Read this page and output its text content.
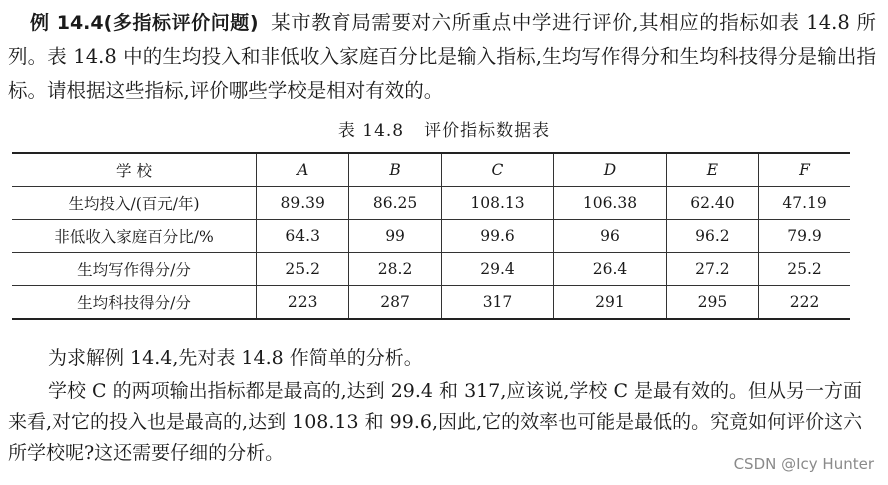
例 14.4(多指标评价问题) 某市教育局需要对六所重点中学进行评价,其相应的指标如表 14.8 所列。表 14.8 中的生均投入和非低收入家庭百分比是输入指标,生均写作得分和生均科技得分是输出指标。请根据这些指标,评价哪些学校是相对有效的。
表 14.8 评价指标数据表
学 校	A	B	C	D	E	F
生均投入/(百元/年)	89.39	86.25	108.13	106.38	62.40	47.19
非低收入家庭百分比/%	64.3	99	99.6	96	96.2	79.9
生均写作得分/分	25.2	28.2	29.4	26.4	27.2	25.2
生均科技得分/分	223	287	317	291	295	222

为求解例 14.4,先对表 14.8 作简单的分析。

学校 C 的两项输出指标都是最高的,达到 29.4 和 317,应该说,学校 C 是最有效的。但从另一方面来看,对它的投入也是最高的,达到 108.13 和 99.6,因此,它的效率也可能是最低的。究竟如何评价这六所学校呢?这还需要仔细的分析。	CSDN @Icy Hunter
